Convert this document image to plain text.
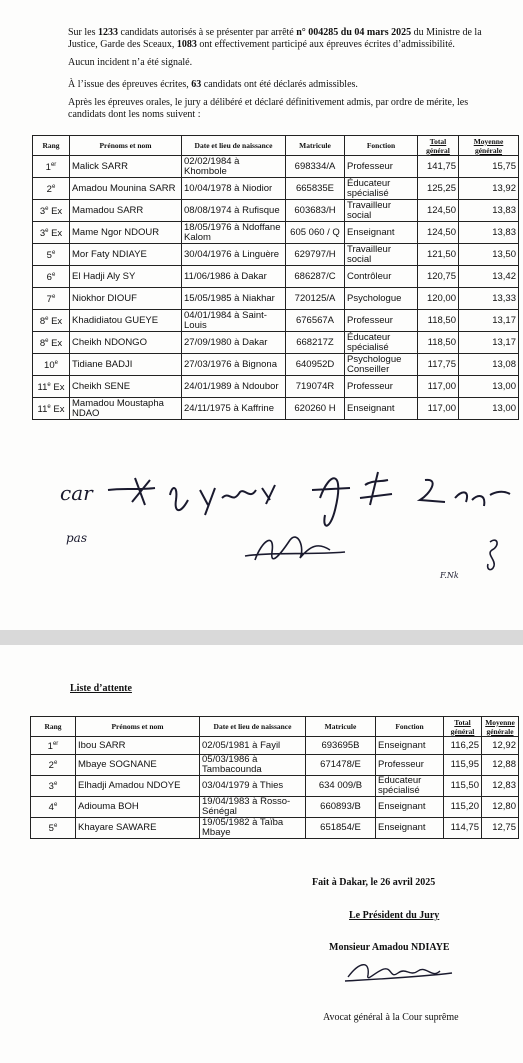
Sur les 1233 candidats autorisés à se présenter par arrêté n° 004285 du 04 mars 2025 du Ministre de la Justice, Garde des Sceaux, 1083 ont effectivement participé aux épreuves écrites d’admissibilité.
Aucun incident n’a été signalé.
À l’issue des épreuves écrites, 63 candidats ont été déclarés admissibles.
Après les épreuves orales, le jury a délibéré et déclaré définitivement admis, par ordre de mérite, les candidats dont les noms suivent :
Rang	Prénoms et nom	Date et lieu de naissance	Matricule	Fonction	Total général	Moyenne générale
1er	Malick SARR	02/02/1984 à Khombole	698334/A	Professeur	141,75	15,75
2e	Amadou Mounina SARR	10/04/1978 à Niodior	665835E	Éducateur spécialisé	125,25	13,92
3e Ex	Mamadou SARR	08/08/1974 à Rufisque	603683/H	Travailleur social	124,50	13,83
3e Ex	Mame Ngor NDOUR	18/05/1976 à Ndoffane Kalom	605 060 / Q	Enseignant	124,50	13,83
5e	Mor Faty NDIAYE	30/04/1976 à Linguère	629797/H	Travailleur social	121,50	13,50
6e	El Hadji Aly SY	11/06/1986 à Dakar	686287/C	Contrôleur	120,75	13,42
7e	Niokhor DIOUF	15/05/1985 à Niakhar	720125/A	Psychologue	120,00	13,33
8e Ex	Khadidiatou GUEYE	04/01/1984 à Saint-Louis	676567A	Professeur	118,50	13,17
8e Ex	Cheikh NDONGO	27/09/1980 à Dakar	668217Z	Éducateur spécialisé	118,50	13,17
10e	Tidiane BADJI	27/03/1976 à Bignona	640952D	Psychologue Conseiller	117,75	13,08
11e Ex	Cheikh SENE	24/01/1989 à Ndoubor	719074R	Professeur	117,00	13,00
11e Ex	Mamadou Moustapha NDAO	24/11/1975 à Kaffrine	620260 H	Enseignant	117,00	13,00
car
pas
F.Nk
Liste d’attente
Rang	Prénoms et nom	Date et lieu de naissance	Matricule	Fonction	Total général	Moyenne générale
1er	Ibou SARR	02/05/1981 à Fayil	693695B	Enseignant	116,25	12,92
2e	Mbaye SOGNANE	05/03/1986 à Tambacounda	671478/E	Professeur	115,95	12,88
3e	Elhadji Amadou NDOYE	03/04/1979 à Thies	634 009/B	Educateur spécialisé	115,50	12,83
4e	Adiouma BOH	19/04/1983 à Rosso-Sénégal	660893/B	Enseignant	115,20	12,80
5e	Khayare SAWARE	19/05/1982 à Taïba Mbaye	651854/E	Enseignant	114,75	12,75
Fait à Dakar, le 26 avril 2025
Le Président du Jury
Monsieur Amadou NDIAYE
Avocat général à la Cour suprême
